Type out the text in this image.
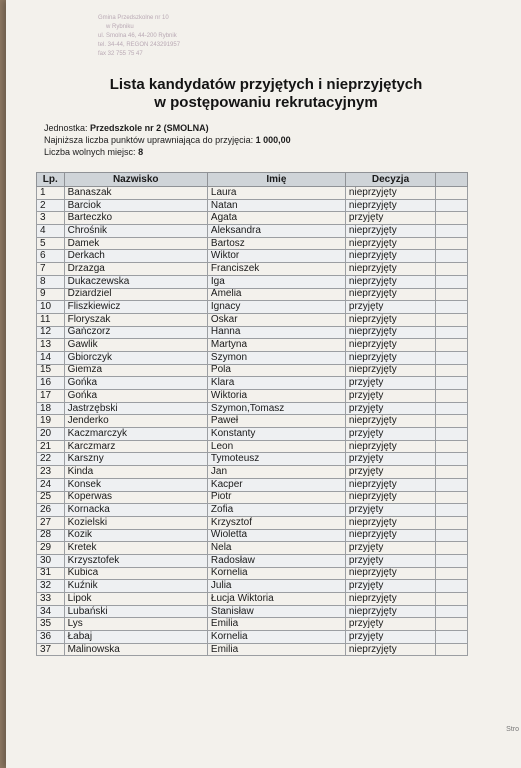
Gmina Przedszkolne nr 10
w Rybniku
ul. Smolna 46, 44-200 Rybnik
tel. 34-44, REGON 243291957
fax 32 755 75 47
Lista kandydatów przyjętych i nieprzyjętych
w postępowaniu rekrutacyjnym
Jednostka: Przedszkole nr 2 (SMOLNA)
Najniższa liczba punktów uprawniająca do przyjęcia: 1 000,00
Liczba wolnych miejsc: 8
Lp.	Nazwisko	Imię	Decyzja	
1	Banaszak	Laura	nieprzyjęty	
2	Barciok	Natan	nieprzyjęty	
3	Barteczko	Agata	przyjęty	
4	Chrośnik	Aleksandra	nieprzyjęty	
5	Damek	Bartosz	nieprzyjęty	
6	Derkach	Wiktor	nieprzyjęty	
7	Drzazga	Franciszek	nieprzyjęty	
8	Dukaczewska	Iga	nieprzyjęty	
9	Dziardziel	Amelia	nieprzyjęty	
10	Fliszkiewicz	Ignacy	przyjęty	
11	Floryszak	Oskar	nieprzyjęty	
12	Gańczorz	Hanna	nieprzyjęty	
13	Gawlik	Martyna	nieprzyjęty	
14	Gbiorczyk	Szymon	nieprzyjęty	
15	Giemza	Pola	nieprzyjęty	
16	Gońka	Klara	przyjęty	
17	Gońka	Wiktoria	przyjęty	
18	Jastrzębski	Szymon,Tomasz	przyjęty	
19	Jenderko	Paweł	nieprzyjęty	
20	Kaczmarczyk	Konstanty	przyjęty	
21	Karczmarz	Leon	nieprzyjęty	
22	Karszny	Tymoteusz	przyjęty	
23	Kinda	Jan	przyjęty	
24	Konsek	Kacper	nieprzyjęty	
25	Koperwas	Piotr	nieprzyjęty	
26	Kornacka	Zofia	przyjęty	
27	Kozielski	Krzysztof	nieprzyjęty	
28	Kozik	Wioletta	nieprzyjęty	
29	Kretek	Nela	przyjęty	
30	Krzysztofek	Radosław	przyjęty	
31	Kubica	Kornelia	nieprzyjęty	
32	Kuźnik	Julia	przyjęty	
33	Lipok	Łucja Wiktoria	nieprzyjęty	
34	Lubański	Stanisław	nieprzyjęty	
35	Lys	Emilia	przyjęty	
36	Łabaj	Kornelia	przyjęty	
37	Malinowska	Emilia	nieprzyjęty	
Stro
